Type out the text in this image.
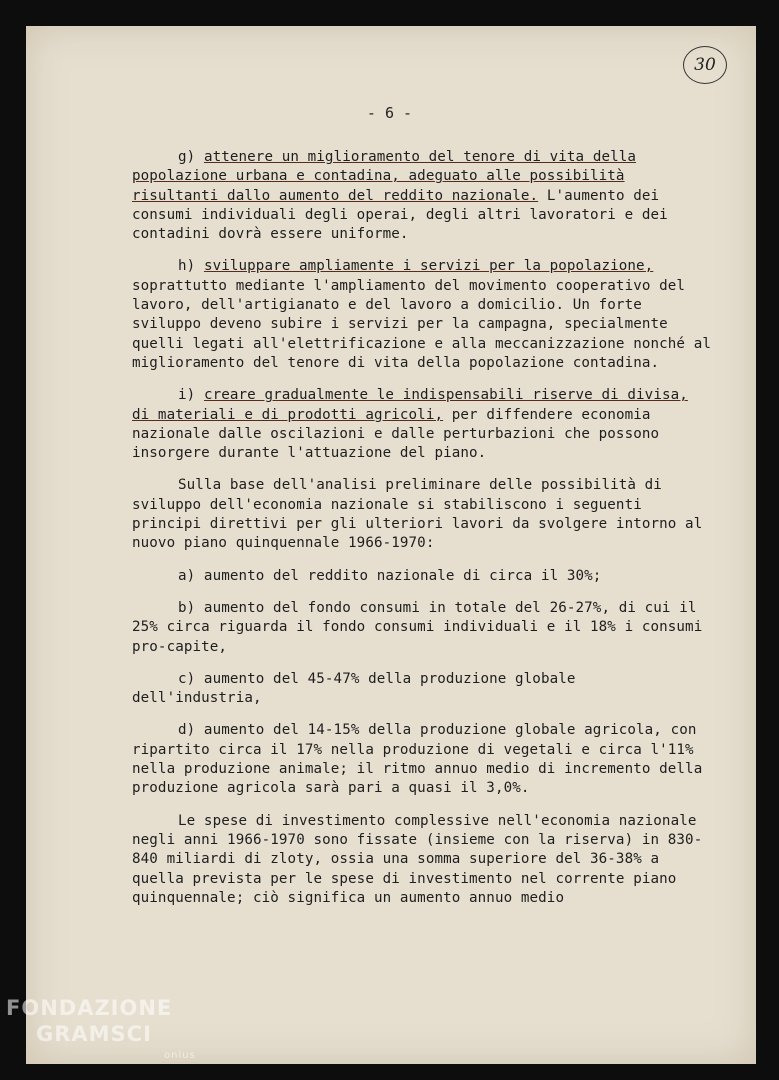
30
- 6 -

g) attenere un miglioramento del tenore di vita della popolazione urbana e contadina, adeguato alle possibilità risultanti dallo aumento del reddito nazionale. L'aumento dei consumi individuali degli operai, degli altri lavoratori e dei contadini dovrà essere uniforme.

h) sviluppare ampliamente i servizi per la popolazione, soprattutto mediante l'ampliamento del movimento cooperativo del lavoro, dell'artigianato e del lavoro a domicilio. Un forte sviluppo deveno subire i servizi per la campagna, specialmente quelli legati all'elettrificazione e alla meccanizzazione nonché al miglioramento del tenore di vita della popolazione contadina.

i) creare gradualmente le indispensabili riserve di divisa, di materiali e di prodotti agricoli, per diffendere economia nazionale dalle oscilazioni e dalle perturbazioni che possono insorgere durante l'attuazione del piano.

Sulla base dell'analisi preliminare delle possibilità di sviluppo dell'economia nazionale si stabiliscono i seguenti principi direttivi per gli ulteriori lavori da svolgere intorno al nuovo piano quinquennale 1966-1970:

a) aumento del reddito nazionale di circa il 30%;

b) aumento del fondo consumi in totale del 26-27%, di cui il 25% circa riguarda il fondo consumi individuali e il 18% i consumi pro-capite,

c) aumento del 45-47% della produzione globale dell'industria,

d) aumento del 14-15% della produzione globale agricola, con ripartito circa il 17% nella produzione di vegetali e circa l'11% nella produzione animale; il ritmo annuo medio di incremento della produzione agricola sarà pari a quasi il 3,0%.

Le spese di investimento complessive nell'economia nazionale negli anni 1966-1970 sono fissate (insieme con la riserva) in 830-840 miliardi di zloty, ossia una somma superiore del 36-38% a quella prevista per le spese di investimento nel corrente piano quinquennale; ciò significa un aumento annuo medio

FONDAZIONE
GRAMSCI
onlus
